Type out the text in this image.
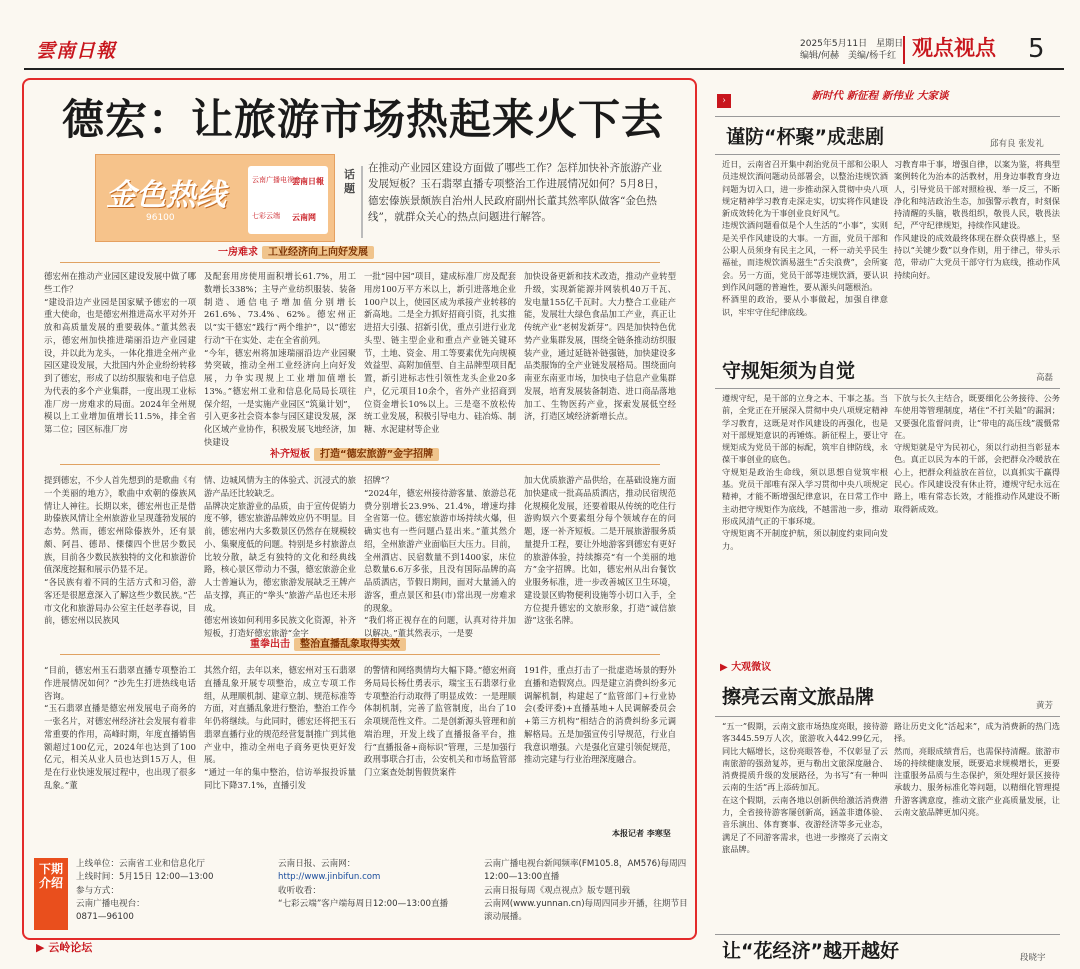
雲南日報	2025年5月11日　星期日
编辑/何赫　美编/杨千红 观点视点 5
德宏：让旅游市场热起来火下去
金色热线
96100
云南广播电视台
雲南日報
七彩云端 云南网
话题
在推动产业园区建设方面做了哪些工作？怎样加快补齐旅游产业发展短板？玉石翡翠直播专项整治工作进展情况如何？5月8日，德宏傣族景颇族自治州人民政府副州长董其然率队做客“金色热线”，就群众关心的热点问题进行解答。
一房难求 工业经济向上向好发展
德宏州在推动产业园区建设发展中做了哪些工作？
“建设沿边产业园是国家赋予德宏的一项重大使命，也是德宏州推进高水平对外开放和高质量发展的重要载体。”董其然表示，德宏州加快推进瑞丽沿边产业园建设，并以此为龙头，一体化推进全州产业园区建设发展，大批国内外企业纷纷转移到了德宏，形成了以纺织服装和电子信息为代表的多个产业集群，一度出现工业标准厂房一房难求的局面。2024年全州规模以上工业增加值增长11.5%，排全省第二位；园区标准厂房
及配套用房使用面积增长61.7%，用工数增长338%；主导产业纺织服装、装备制造、通信电子增加值分别增长261.6%、73.4%、62%。德宏州正以“实干德宏”践行“两个维护”，以“德宏行动”干在实处、走在全省前列。
“今年，德宏州将加速瑞丽沿边产业园聚势突破，推动全州工业经济向上向好发展，力争实现规上工业增加值增长13%。”德宏州工业和信息化局局长项往保介绍，一是实施产业园区“筑巢计划”，引入更多社会资本参与园区建设发展，深化区域产业协作，积极发展飞地经济，加快建设
一批“园中园”项目，建成标准厂房及配套用房100万平方米以上，新引进落地企业100户以上，使园区成为承接产业转移的新高地。二是全力抓好招商引资，扎实推进招大引强、招新引优，重点引进行业龙头型、链主型企业和重点产业链关键环节，土地、资金、用工等要素优先向规模效益型、高附加值型、自主品牌型项目配置，新引进标志性引领性龙头企业20多户，亿元项目10余个，省外产业招商到位资金增长10%以上。三是毫不放松传统工业发展，积极引导电力、硅冶炼、制糖、水泥建材等企业
加快设备更新和技术改造，推动产业转型升级，实现新能源并网装机40万千瓦、发电量155亿千瓦时。大力整合工业硅产能，发展壮大绿色食品加工产业，真正让传统产业“老树发新芽”。四是加快特色优势产业集群发展，围绕全链条推动纺织服装产业，通过延链补链强链，加快建设多品类服饰的全产业链发展格局。围绕面向南亚东南亚市场，加快电子信息产业集群发展，培育发展装备制造、进口商品落地加工、生物医药产业，探索发展低空经济，打造区域经济新增长点。
补齐短板 打造“德宏旅游”金字招牌
提到德宏，不少人首先想到的是歌曲《有一个美丽的地方》，歌曲中欢朝的傣族风情让人神往。长期以来，德宏州也正是借助傣族风情让全州旅游业呈现蓬勃发展的态势。然而，德宏州除傣族外，还有景颇、阿昌、德昂、傈僳四个世居少数民族，目前各少数民族独特的文化和旅游价值深度挖掘和展示仍显不足。
“各民族有着不同的生活方式和习俗，游客还是很愿意深入了解这些少数民族。”芒市文化和旅游局办公室主任赵孝春说，目前，德宏州以民族风
情、边城风情为主的体验式、沉浸式的旅游产品还比较缺乏。
品牌决定旅游业的品质，由于宣传促销力度不够，德宏旅游品牌效应仍不明显。目前，德宏州内大多数景区仍然存在规模较小、集聚度低的问题。特别是乡村旅游点比较分散，缺乏有独特的文化和经典线路，核心景区带动力不强，德宏旅游企业人士普遍认为，德宏旅游发展缺乏王牌产品支撑，真正的“拳头”旅游产品也还未形成。
德宏州该如何利用多民族文化资源，补齐短板，打造好德宏旅游“金字
招牌”？
“2024年，德宏州接待游客量、旅游总花费分别增长23.9%、21.4%，增速均排全省第一位。德宏旅游市场持续火爆，但确实也有一些问题凸显出来。”董其然介绍，全州旅游产业面临巨大压力。目前，全州酒店、民宿数量不到1400家，床位总数量6.6万多张，且没有国际品牌的高品质酒店，节假日期间，面对大量涌入的游客，重点景区和县(市)常出现一房难求的现象。
“我们将正视存在的问题，认真对待并加以解决。”董其然表示，一是要
加大优质旅游产品供给，在基础设施方面加快建成一批高品质酒店，推动民宿规范化规模化发展，还要着眼从传统的吃住行游购娱六个要素组分每个领域存在的问题，逐一补齐短板。二是开展旅游服务质量提升工程，要让外地游客到德宏有更好的旅游体验，持续擦亮“有一个美丽的地方”金字招牌。比如，德宏州从出台餐饮业服务标准，进一步改善城区卫生环境，建设景区购物便利设施等小切口入手，全方位提升德宏的文旅形象，打造“诚信旅游”这张名牌。
重拳出击 整治直播乱象取得实效
“目前，德宏州玉石翡翠直播专项整治工作进展情况如何？”沙先生打进热线电话咨询。
“玉石翡翠直播是德宏州发展电子商务的一张名片，对德宏州经济社会发展有着非常重要的作用，高峰时期，年度直播销售额超过100亿元，2024年也达到了100亿元，相关从业人员也达到15万人，但是在行业快速发展过程中，也出现了很多乱象。”董
其然介绍，去年以来，德宏州对玉石翡翠直播乱象开展专项整治，成立专项工作组，从理顺机制、建章立制、规范标准等方面，对直播乱象进行整治，整治工作今年仍将继续。与此同时，德宏还将把玉石翡翠直播行业的规范经营复制推广到其他产业中，推动全州电子商务更快更好发展。
“通过一年的集中整治，信访举报投诉量同比下降37.1%，直播引发
的警情和网络舆情均大幅下降。”德宏州商务局局长杨仕勇表示，瑞宝玉石翡翠行业专项整治行动取得了明显成效：一是理顺体制机制，完善了监管制度，出台了10余项规范性文件。二是创新源头管理和前端治理，开发上线了直播报备平台，推行“直播报备+商标识”管理，三是加强行政刑事联合打击，公安机关和市场监管部门立案查处制售假货案件
191件，重点打击了一批虚造场景的野外直播和造假窝点。四是建立消费纠纷多元调解机制，构建起了“监管部门+行业协会(委评委)+直播基地+人民调解委员会+第三方机构”相结合的消费纠纷多元调解格局。五是加强宣传引导规范，行业自我意识增强。六是强化宣建引领促规范，推动完建与行业治理深度融合。
本报记者 李寒坚
下期介绍
上线单位：云南省工业和信息化厅
上线时间：5月15日 12:00—13:00
参与方式：
云南广播电视台：
0871—96100
云南日报、云南网：
http://www.jinbifun.com
收听收看：
“七彩云端”客户端每周日12:00—13:00直播
云南广播电视台新闻频率(FM105.8，AM576)每周四12:00—13:00直播
云南日报每周《观点视点》版专题刊载
云南网(www.yunnan.cn)每周四同步开播，往期节目滚动展播。
▶ 云岭论坛
›	新时代 新征程 新伟业 大家谈
谨防“杯聚”成悲剧	邱有良 张发礼
近日，云南省召开集中刹治党员干部和公职人员违规饮酒问题动员部署会，以整治违规饮酒问题为切入口，进一步推动深入贯彻中央八项规定精神学习教育走深走实，切实将作风建设新成效转化为干事创业良好风气。
违规饮酒问题看似是个人生活的“小事”，实则是关乎作风建设的大事。一方面，党员干部和公职人员须身有民主之风，一杯一动关乎民生福祉，而违规饮酒易滋生“舌尖浪费”，会所宴会。另一方面，党员干部等违规饮酒，要认识到作风问题的普遍性，要从源头问题根治。
杯酒里的政治，要从小事做起，加强自律意识，牢牢守住纪律底线。
习教育串于事，增强自律，以案为鉴，将典型案例转化为治本的活教材，用身边事教育身边人，引导党员干部对照检视、举一反三，不断净化和纯洁政治生态，加强警示教育，时刻保持清醒的头脑，敬畏组织，敬畏人民，敬畏法纪，严守纪律规矩，持续作风建设。
作风建设的成效最终体现在群众获得感上，坚持以“关键少数”以身作则，用于律己，带头示范，带动广大党员干部守行为底线，推动作风持续向好。
守规矩须为自觉	高磊
遵规守纪，是干部的立身之本、干事之基。当前，全党正在开展深入贯彻中央八项规定精神学习教育，这既是对作风建设的再强化，也是对干部规矩意识的再锤炼。新征程上，要让守规矩成为党员干部的标配，筑牢自律防线，永葆干事创业的底色。
守规矩是政治生命线，须以思想自觉筑牢根基。党员干部唯有深入学习贯彻中央八项规定精神，才能不断增强纪律意识，在日常工作中主动把守规矩作为底线，不越雷池一步，推动形成风清气正的干事环境。
守规矩离不开制度护航，须以制度约束同向发力。
下放与长久主结合，既要细化公务接待、公务车使用等管理制度，堵住“不打关隘”的漏洞；又要强化监督问责，让“带电的高压线”震慑常在。
守规矩就是守为民初心，须以行动担当彰显本色。真正以民为本的干部，会把群众冷暖放在心上，把群众利益放在首位，以真抓实干赢得民心。作风建设没有休止符，遵规守纪永远在路上，唯有常态长效，才能推动作风建设不断取得新成效。
▶ 大观微议
擦亮云南文旅品牌	黄芳
“五一”假期，云南文旅市场热度亮眼，接待游客3445.59万人次，旅游收入442.99亿元，同比大幅增长，这份亮眼答卷，不仅彰显了云南旅游的强劲复苏，更与勒出文旅深度融合、消费提质升级的发展路径，为书写“有一种叫云南的生活”再上添砖加瓦。
在这个假期，云南各地以创新供给激活消费潜力，全省接待游客屡创新高，涵盖非遗体验、音乐演出、体育赛事、夜游经济等多元业态，满足了不同游客需求，也进一步擦亮了云南文旅品牌。
路让历史文化“活起来”，成为消费新的热门选择。
然而，亮眼成绩背后，也需保持清醒。旅游市场的持续健康发展，既要追求规模增长，更要注重服务品质与生态保护，须处理好景区接待承载力、服务标准化等问题，以精细化管理提升游客满意度，推动文旅产业高质量发展，让云南文旅品牌更加闪亮。
让“花经济”越开越好	段晓宇
